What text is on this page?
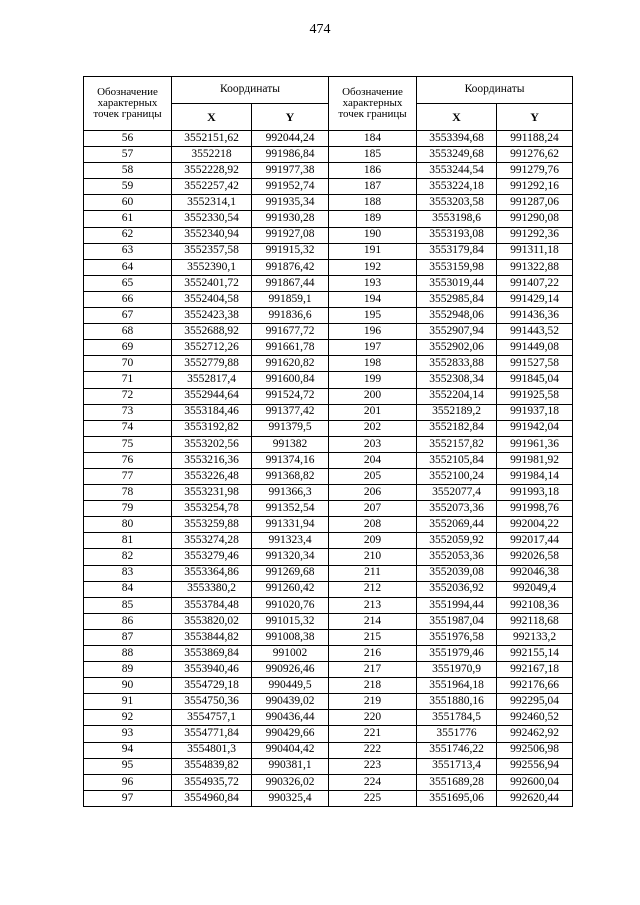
474
Обозначение характерных точек границы	Координаты		Обозначение характерных точек границы	Координаты	
	X	Y		X	Y
56	3552151,62	992044,24	184	3553394,68	991188,24
57	3552218	991986,84	185	3553249,68	991276,62
58	3552228,92	991977,38	186	3553244,54	991279,76
59	3552257,42	991952,74	187	3553224,18	991292,16
60	3552314,1	991935,34	188	3553203,58	991287,06
61	3552330,54	991930,28	189	3553198,6	991290,08
62	3552340,94	991927,08	190	3553193,08	991292,36
63	3552357,58	991915,32	191	3553179,84	991311,18
64	3552390,1	991876,42	192	3553159,98	991322,88
65	3552401,72	991867,44	193	3553019,44	991407,22
66	3552404,58	991859,1	194	3552985,84	991429,14
67	3552423,38	991836,6	195	3552948,06	991436,36
68	3552688,92	991677,72	196	3552907,94	991443,52
69	3552712,26	991661,78	197	3552902,06	991449,08
70	3552779,88	991620,82	198	3552833,88	991527,58
71	3552817,4	991600,84	199	3552308,34	991845,04
72	3552944,64	991524,72	200	3552204,14	991925,58
73	3553184,46	991377,42	201	3552189,2	991937,18
74	3553192,82	991379,5	202	3552182,84	991942,04
75	3553202,56	991382	203	3552157,82	991961,36
76	3553216,36	991374,16	204	3552105,84	991981,92
77	3553226,48	991368,82	205	3552100,24	991984,14
78	3553231,98	991366,3	206	3552077,4	991993,18
79	3553254,78	991352,54	207	3552073,36	991998,76
80	3553259,88	991331,94	208	3552069,44	992004,22
81	3553274,28	991323,4	209	3552059,92	992017,44
82	3553279,46	991320,34	210	3552053,36	992026,58
83	3553364,86	991269,68	211	3552039,08	992046,38
84	3553380,2	991260,42	212	3552036,92	992049,4
85	3553784,48	991020,76	213	3551994,44	992108,36
86	3553820,02	991015,32	214	3551987,04	992118,68
87	3553844,82	991008,38	215	3551976,58	992133,2
88	3553869,84	991002	216	3551979,46	992155,14
89	3553940,46	990926,46	217	3551970,9	992167,18
90	3554729,18	990449,5	218	3551964,18	992176,66
91	3554750,36	990439,02	219	3551880,16	992295,04
92	3554757,1	990436,44	220	3551784,5	992460,52
93	3554771,84	990429,66	221	3551776	992462,92
94	3554801,3	990404,42	222	3551746,22	992506,98
95	3554839,82	990381,1	223	3551713,4	992556,94
96	3554935,72	990326,02	224	3551689,28	992600,04
97	3554960,84	990325,4	225	3551695,06	992620,44
